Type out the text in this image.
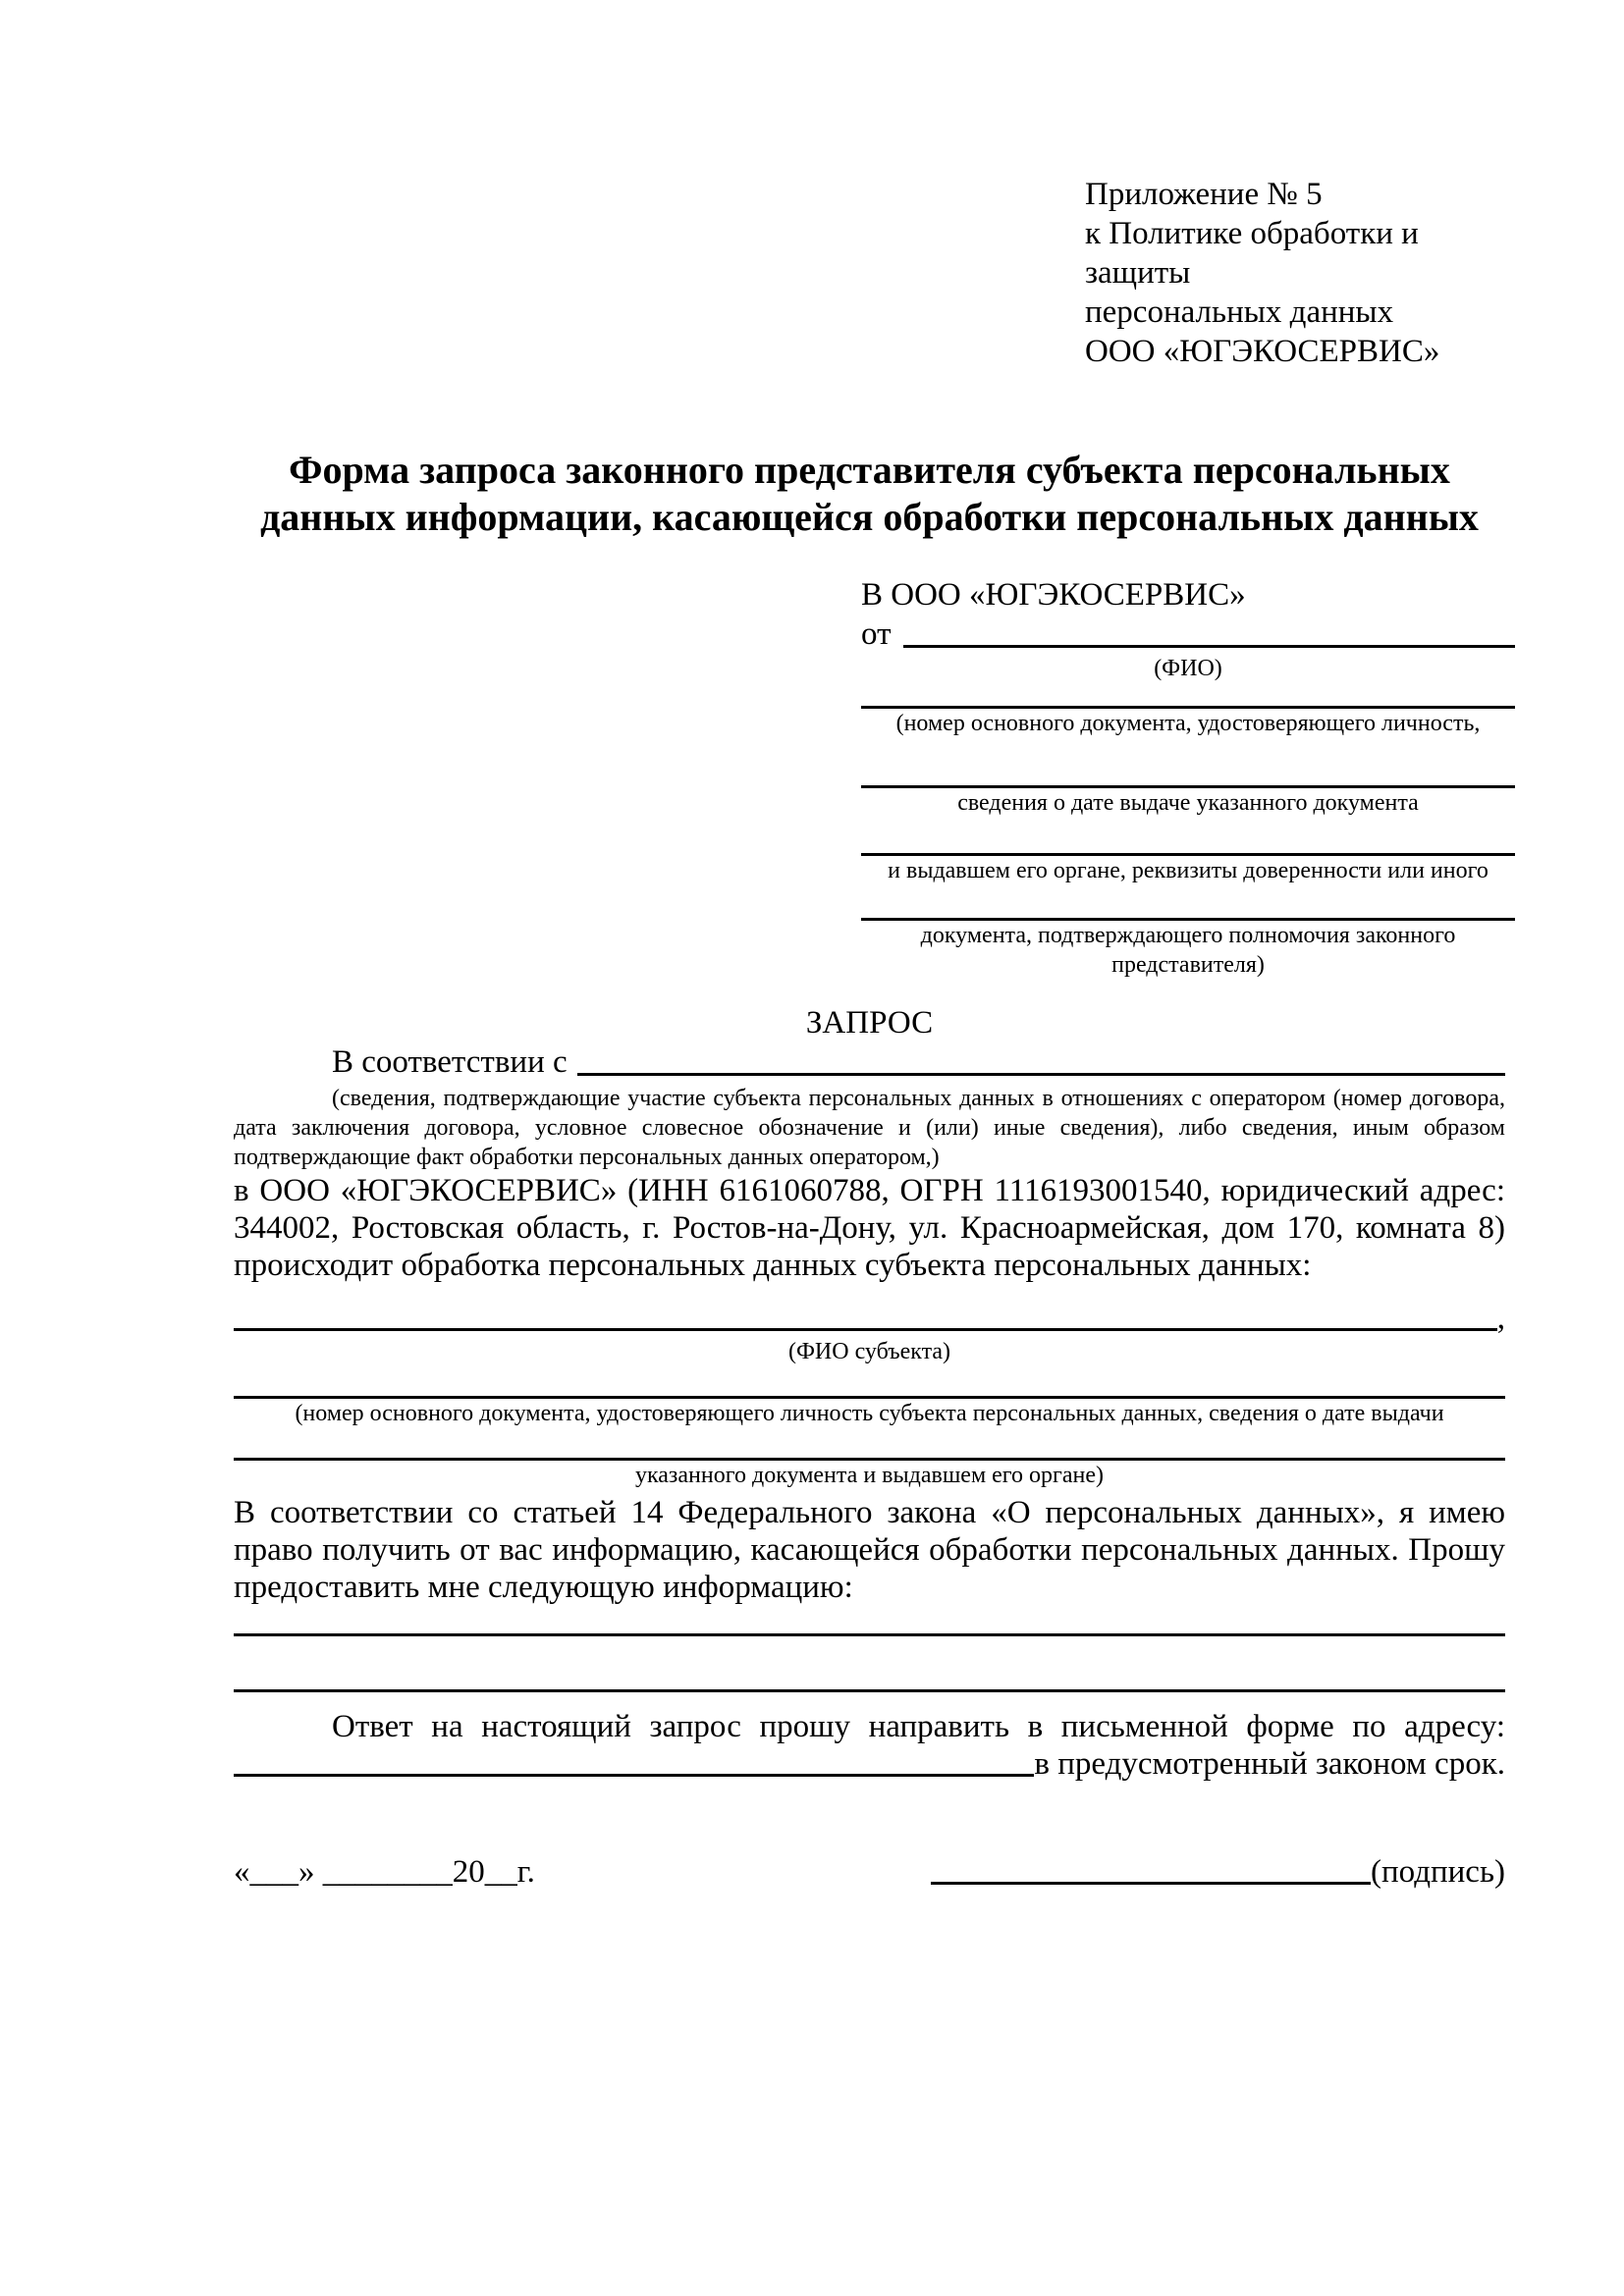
Приложение № 5
к Политике обработки и защиты
персональных данных
ООО «ЮГЭКОСЕРВИС»
Форма запроса законного представителя субъекта персональных данных информации, касающейся обработки персональных данных
В ООО «ЮГЭКОСЕРВИС»
от
(ФИО)
(номер основного документа, удостоверяющего личность,
сведения о дате выдаче указанного документа
и выдавшем его органе, реквизиты доверенности или иного
документа, подтверждающего полномочия законного представителя)
ЗАПРОС
В соответствии с
(сведения, подтверждающие участие субъекта персональных данных в отношениях с оператором (номер договора, дата заключения договора, условное словесное обозначение и (или) иные сведения), либо сведения, иным образом подтверждающие факт обработки персональных данных оператором,)
в ООО «ЮГЭКОСЕРВИС» (ИНН 6161060788, ОГРН 1116193001540, юридический адрес: 344002, Ростовская область, г. Ростов-на-Дону, ул. Красноармейская, дом 170, комната 8) происходит обработка персональных данных субъекта персональных данных:
,
(ФИО субъекта)
(номер основного документа, удостоверяющего личность субъекта персональных данных, сведения о дате выдачи
указанного документа и выдавшем его органе)
В соответствии со статьей 14 Федерального закона «О персональных данных», я имею право получить от вас информацию, касающейся обработки персональных данных. Прошу предоставить мне следующую информацию:
Ответ на настоящий запрос прошу направить в письменной форме по адресу:
в предусмотренный законом срок.
«___» ________20__г.	(подпись)
